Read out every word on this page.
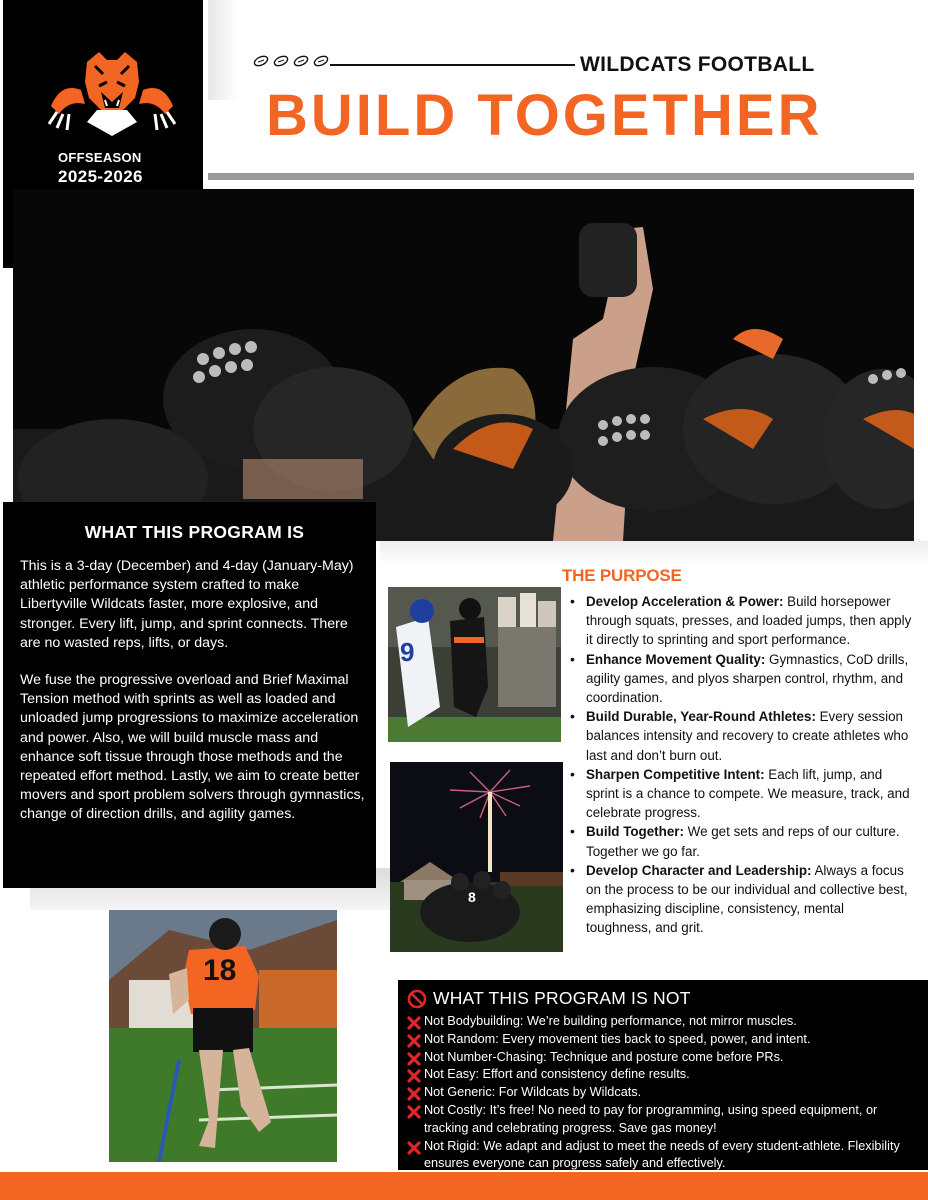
OFFSEASON
2025-2026
WILDCATS FOOTBALL
BUILD TOGETHER
WHAT THIS PROGRAM IS

This is a 3-day (December) and 4-day (January-May) athletic performance system crafted to make Libertyville Wildcats faster, more explosive, and stronger. Every lift, jump, and sprint connects. There are no wasted reps, lifts, or days.

We fuse the progressive overload and Brief Maximal Tension method with sprints as well as loaded and unloaded jump progressions to maximize acceleration and power. Also, we will build muscle mass and enhance soft tissue through those methods and the repeated effort method. Lastly, we aim to create better movers and sport problem solvers through gymnastics, change of direction drills, and agility games.

THE PURPOSE
• Develop Acceleration & Power: Build horsepower through squats, presses, and loaded jumps, then apply it directly to sprinting and sport performance.
• Enhance Movement Quality: Gymnastics, CoD drills, agility games, and plyos sharpen control, rhythm, and coordination.
• Build Durable, Year-Round Athletes: Every session balances intensity and recovery to create athletes who last and don’t burn out.
• Sharpen Competitive Intent: Each lift, jump, and sprint is a chance to compete. We measure, track, and celebrate progress.
• Build Together: We get sets and reps of our culture. Together we go far.
• Develop Character and Leadership: Always a focus on the process to be our individual and collective best, emphasizing discipline, consistency, mental toughness, and grit.
9
8
18
WHAT THIS PROGRAM IS NOT
Not Bodybuilding: We’re building performance, not mirror muscles.
Not Random: Every movement ties back to speed, power, and intent.
Not Number-Chasing: Technique and posture come before PRs.
Not Easy: Effort and consistency define results.
Not Generic: For Wildcats by Wildcats.
Not Costly: It’s free! No need to pay for programming, using speed equipment, or tracking and celebrating progress. Save gas money!
Not Rigid: We adapt and adjust to meet the needs of every student-athlete. Flexibility ensures everyone can progress safely and effectively.
